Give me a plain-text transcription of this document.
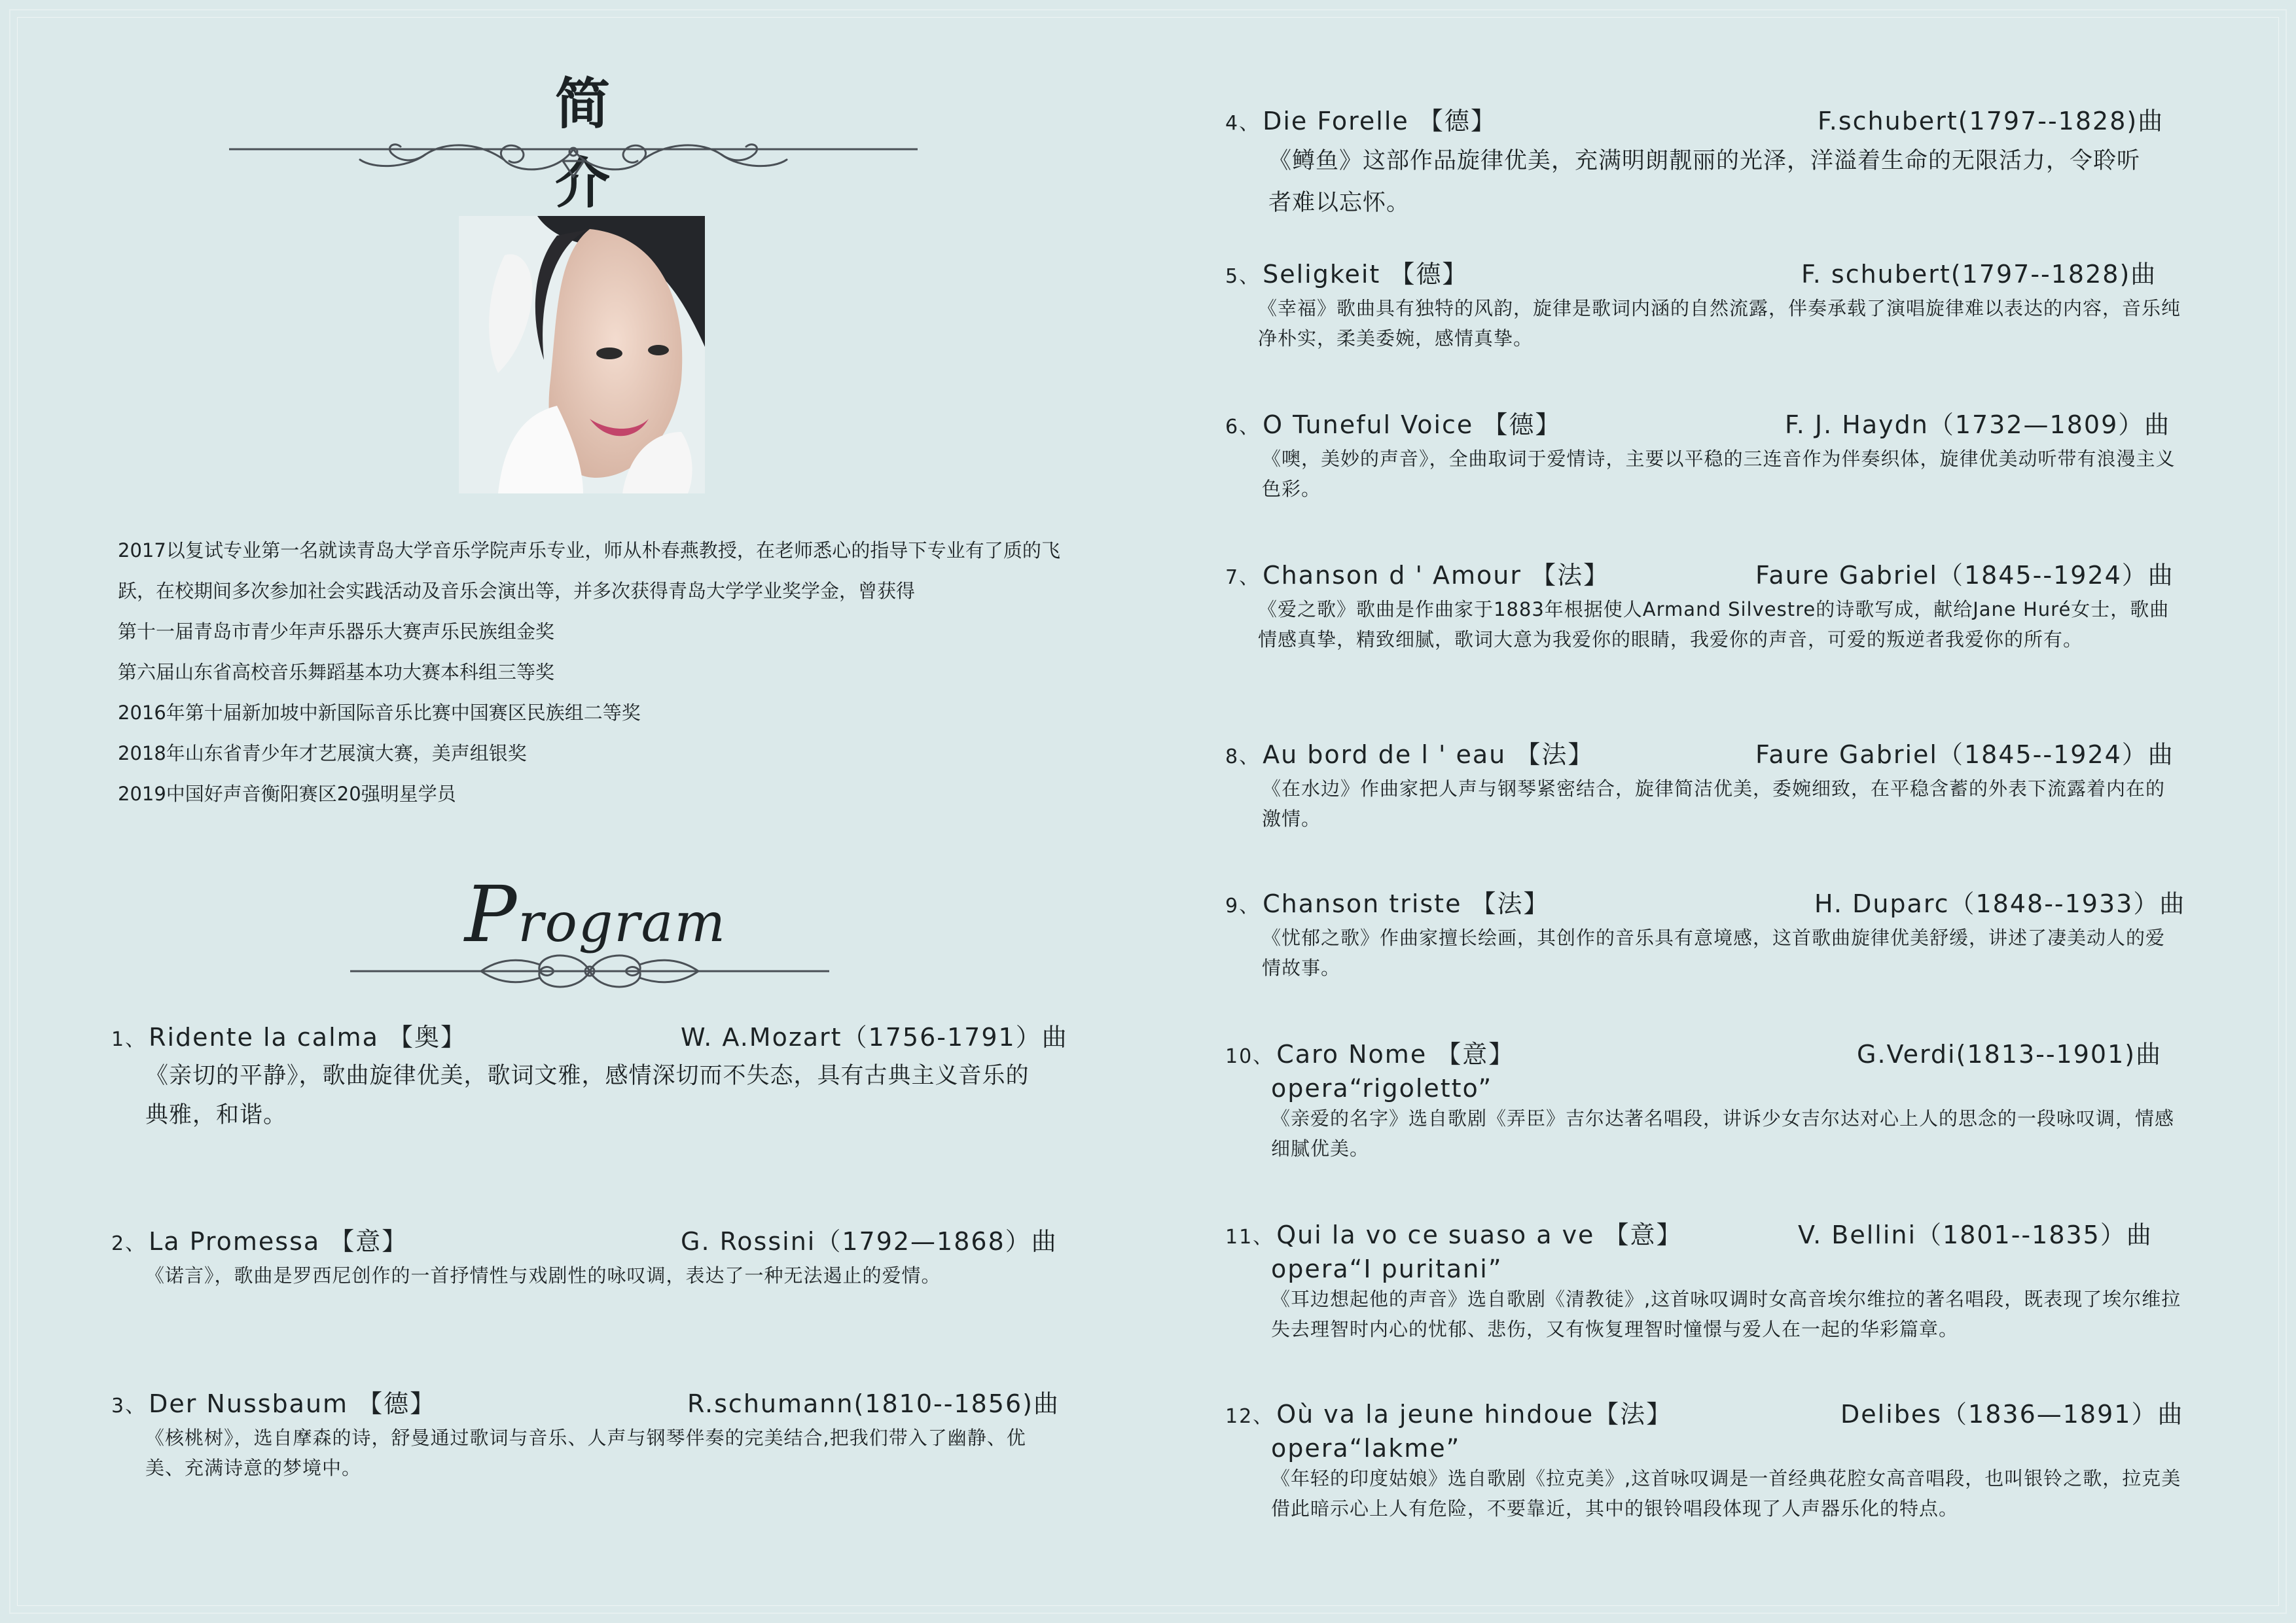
简 介
2017以复试专业第一名就读青岛大学音乐学院声乐专业，师从朴春燕教授，在老师悉心的指导下专业有了质的飞跃，在校期间多次参加社会实践活动及音乐会演出等，并多次获得青岛大学学业奖学金，曾获得
第十一届青岛市青少年声乐器乐大赛声乐民族组金奖
第六届山东省高校音乐舞蹈基本功大赛本科组三等奖
2016年第十届新加坡中新国际音乐比赛中国赛区民族组二等奖
2018年山东省青少年才艺展演大赛，美声组银奖
2019中国好声音衡阳赛区20强明星学员
Program
1、 Ridente la calma 【奥】	W. A.Mozart（1756-1791）曲
《亲切的平静》，歌曲旋律优美，歌词文雅，感情深切而不失态，具有古典主义音乐的典雅，和谐。
2、 La Promessa 【意】	G. Rossini（1792—1868）曲
《诺言》，歌曲是罗西尼创作的一首抒情性与戏剧性的咏叹调，表达了一种无法遏止的爱情。
3、 Der Nussbaum 【德】	R.schumann(1810--1856)曲
《核桃树》，选自摩森的诗，舒曼通过歌词与音乐、人声与钢琴伴奏的完美结合,把我们带入了幽静、优美、充满诗意的梦境中。
4、 Die Forelle 【德】	F.schubert(1797--1828)曲
《鳟鱼》这部作品旋律优美，充满明朗靓丽的光泽，洋溢着生命的无限活力，令聆听者难以忘怀。
5、 Seligkeit 【德】	F. schubert(1797--1828)曲
《幸福》歌曲具有独特的风韵，旋律是歌词内涵的自然流露，伴奏承载了演唱旋律难以表达的内容，音乐纯净朴实，柔美委婉，感情真挚。
6、 O Tuneful Voice 【德】	F. J. Haydn（1732—1809）曲
《噢，美妙的声音》，全曲取词于爱情诗，主要以平稳的三连音作为伴奏织体，旋律优美动听带有浪漫主义色彩。
7、 Chanson d ' Amour 【法】	Faure Gabriel（1845--1924）曲
《爱之歌》歌曲是作曲家于1883年根据使人Armand Silvestre的诗歌写成，献给Jane Huré女士，歌曲情感真挚，精致细腻，歌词大意为我爱你的眼睛，我爱你的声音，可爱的叛逆者我爱你的所有。
8、 Au bord de l ' eau 【法】	Faure Gabriel（1845--1924）曲
《在水边》作曲家把人声与钢琴紧密结合，旋律简洁优美，委婉细致，在平稳含蓄的外表下流露着内在的激情。
9、 Chanson triste 【法】	H. Duparc（1848--1933）曲
《忧郁之歌》作曲家擅长绘画，其创作的音乐具有意境感，这首歌曲旋律优美舒缓，讲述了凄美动人的爱情故事。
10、 Caro Nome 【意】	G.Verdi(1813--1901)曲
opera“rigoletto”
《亲爱的名字》选自歌剧《弄臣》吉尔达著名唱段，讲诉少女吉尔达对心上人的思念的一段咏叹调，情感细腻优美。
11、 Qui la vo ce suaso a ve 【意】	V. Bellini（1801--1835）曲
opera“I puritani”
《耳边想起他的声音》选自歌剧《清教徒》,这首咏叹调时女高音埃尔维拉的著名唱段，既表现了埃尔维拉失去理智时内心的忧郁、悲伤，又有恢复理智时憧憬与爱人在一起的华彩篇章。
12、 Où va la jeune hindoue【法】	Delibes（1836—1891）曲
opera“lakme”
《年轻的印度姑娘》选自歌剧《拉克美》,这首咏叹调是一首经典花腔女高音唱段，也叫银铃之歌，拉克美借此暗示心上人有危险，不要靠近，其中的银铃唱段体现了人声器乐化的特点。
